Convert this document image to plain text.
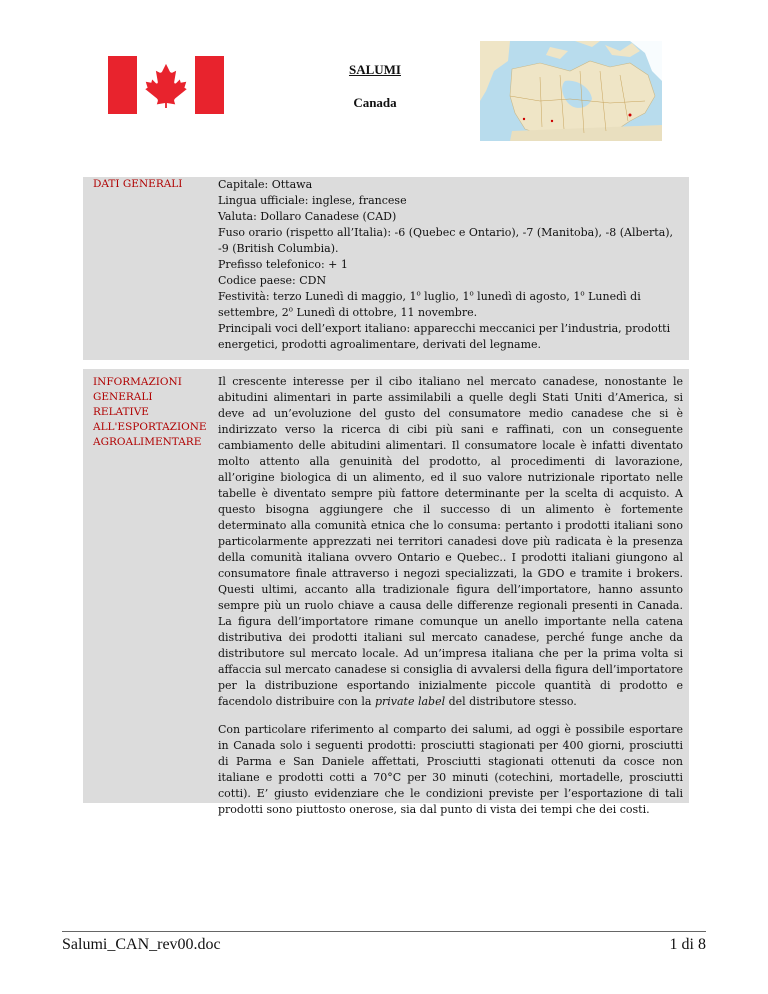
SALUMI
Canada
DATI GENERALI	Capitale: Ottawa
Lingua ufficiale: inglese, francese
Valuta: Dollaro Canadese (CAD)
Fuso orario (rispetto all’Italia): -6 (Quebec e Ontario), -7 (Manitoba), -8 (Alberta), -9 (British Columbia).
Prefisso telefonico: + 1
Codice paese: CDN
Festività: terzo Lunedì di maggio, 1$^o$ luglio, 1$^o$ lunedì di agosto, 1$^o$ Lunedì di settembre, 2$^o$ Lunedì di ottobre, 11 novembre.
Principali voci dell’export italiano: apparecchi meccanici per l’industria, prodotti energetici, prodotti agroalimentare, derivati del legname.
INFORMAZIONI GENERALI RELATIVE ALL'ESPORTAZIONE AGROALIMENTARE

Il crescente interesse per il cibo italiano nel mercato canadese, nonostante le abitudini alimentari in parte assimilabili a quelle degli Stati Uniti d’America, si deve ad un’evoluzione del gusto del consumatore medio canadese che si è indirizzato verso la ricerca di cibi più sani e raffinati, con un conseguente cambiamento delle abitudini alimentari. Il consumatore locale è infatti diventato molto attento alla genuinità del prodotto, al procedimenti di lavorazione, all’origine biologica di un alimento, ed il suo valore nutrizionale riportato nelle tabelle è diventato sempre più fattore determinante per la scelta di acquisto. A questo bisogna aggiungere che il successo di un alimento è fortemente determinato alla comunità etnica che lo consuma: pertanto i prodotti italiani sono particolarmente apprezzati nei territori canadesi dove più radicata è la presenza della comunità italiana ovvero Ontario e Quebec.. I prodotti italiani giungono al consumatore finale attraverso i negozi specializzati, la GDO e tramite i brokers. Questi ultimi, accanto alla tradizionale figura dell’importatore, hanno assunto sempre più un ruolo chiave a causa delle differenze regionali presenti in Canada. La figura dell’importatore rimane comunque un anello importante nella catena distributiva dei prodotti italiani sul mercato canadese, perché funge anche da distributore sul mercato locale. Ad un’impresa italiana che per la prima volta si affaccia sul mercato canadese si consiglia di avvalersi della figura dell’importatore per la distribuzione esportando inizialmente piccole quantità di prodotto e facendolo distribuire con la private label del distributore stesso.

Con particolare riferimento al comparto dei salumi, ad oggi è possibile esportare in Canada solo i seguenti prodotti: prosciutti stagionati per 400 giorni, prosciutti di Parma e San Daniele affettati, Prosciutti stagionati ottenuti da cosce non italiane e prodotti cotti a 70°C per 30 minuti (cotechini, mortadelle, prosciutti cotti). E’ giusto evidenziare che le condizioni previste per l’esportazione di tali prodotti sono piuttosto onerose, sia dal punto di vista dei tempi che dei costi.

Salumi_CAN_rev00.doc	1 di 8
